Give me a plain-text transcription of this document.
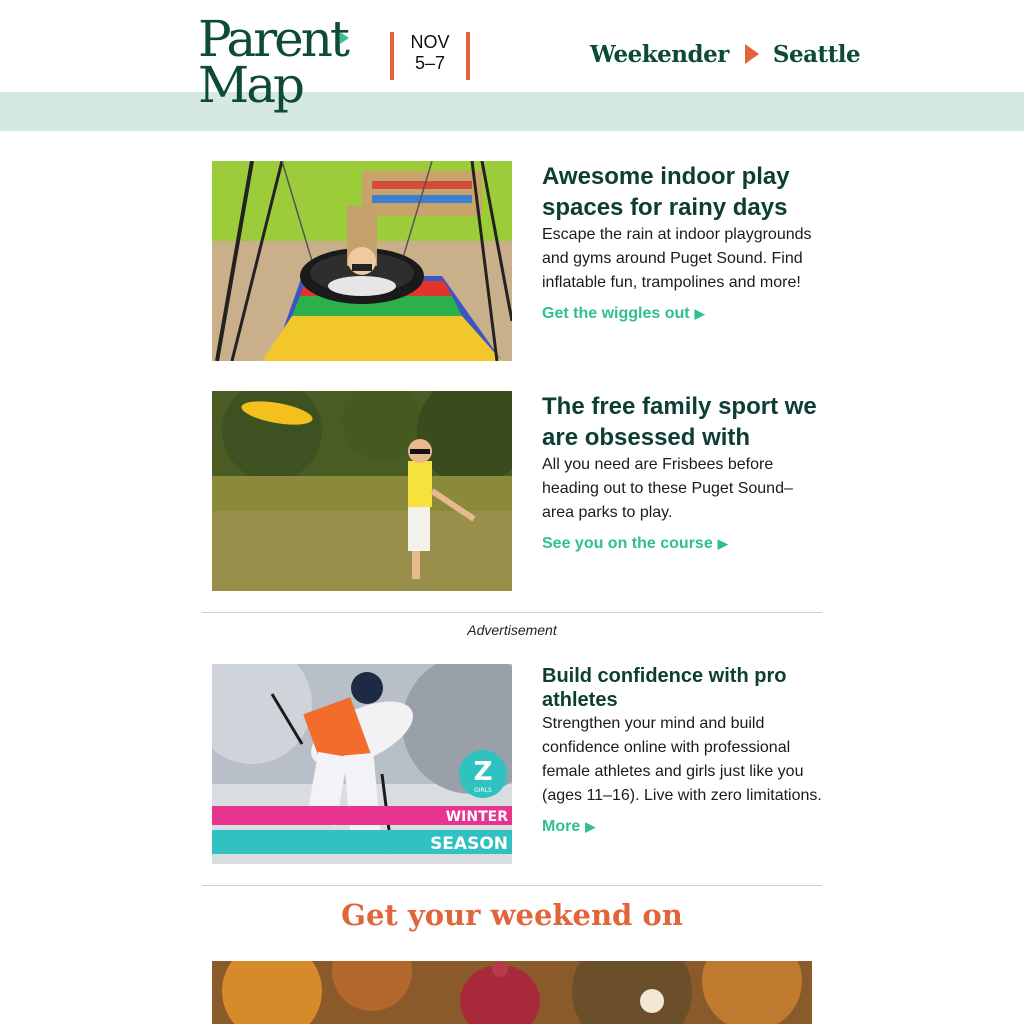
Parent
Map
NOV
5–7	Weekender Seattle
Awesome indoor play spaces for rainy days

Escape the rain at indoor playgrounds and gyms around Puget Sound. Find inflatable fun, trampolines and more!

Get the wiggles out ▶
The free family sport we are obsessed with

All you need are Frisbees before heading out to these Puget Sound–area parks to play.

See you on the course ▶
Advertisement
Z
GIRLS
WINTER
SEASON
Build confidence with pro athletes

Strengthen your mind and build confidence online with professional female athletes and girls just like you (ages 11–16). Live with zero limitations.

More ▶
Get your weekend on
